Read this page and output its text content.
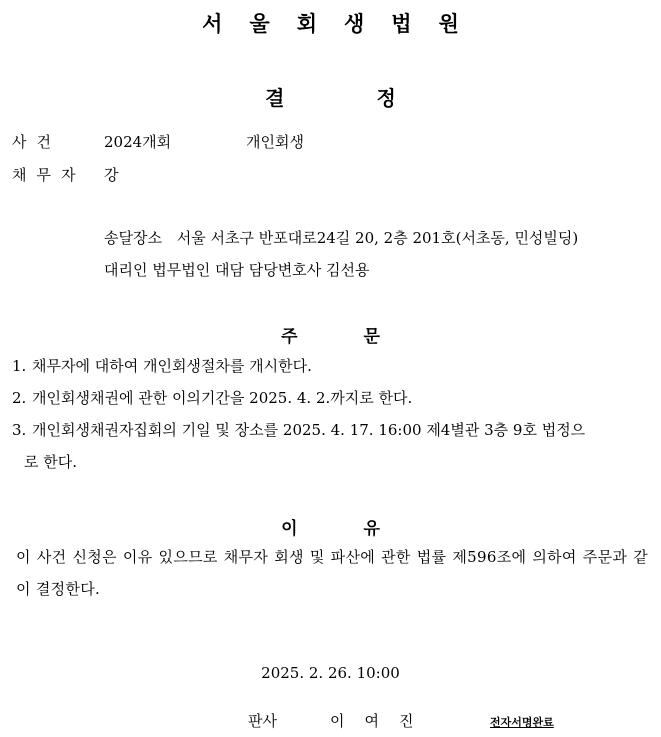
서울회생법원
결정
사건	2024개회	개인회생
채무자 강
송달장소 서울 서초구 반포대로24길 20, 2층 201호(서초동, 민성빌딩)
대리인 법무법인 대담 담당변호사 김선용
주문
1. 채무자에 대하여 개인회생절차를 개시한다.
2. 개인회생채권에 관한 이의기간을 2025. 4. 2.까지로 한다.
3. 개인회생채권자집회의 기일 및 장소를 2025. 4. 17. 16:00 제4별관 3층 9호 법정으
로 한다.
이유
이 사건 신청은 이유 있으므로 채무자 회생 및 파산에 관한 법률 제596조에 의하여 주문과 같이 결정한다.
2025. 2. 26. 10:00
판사	이여진	전자서명완료
